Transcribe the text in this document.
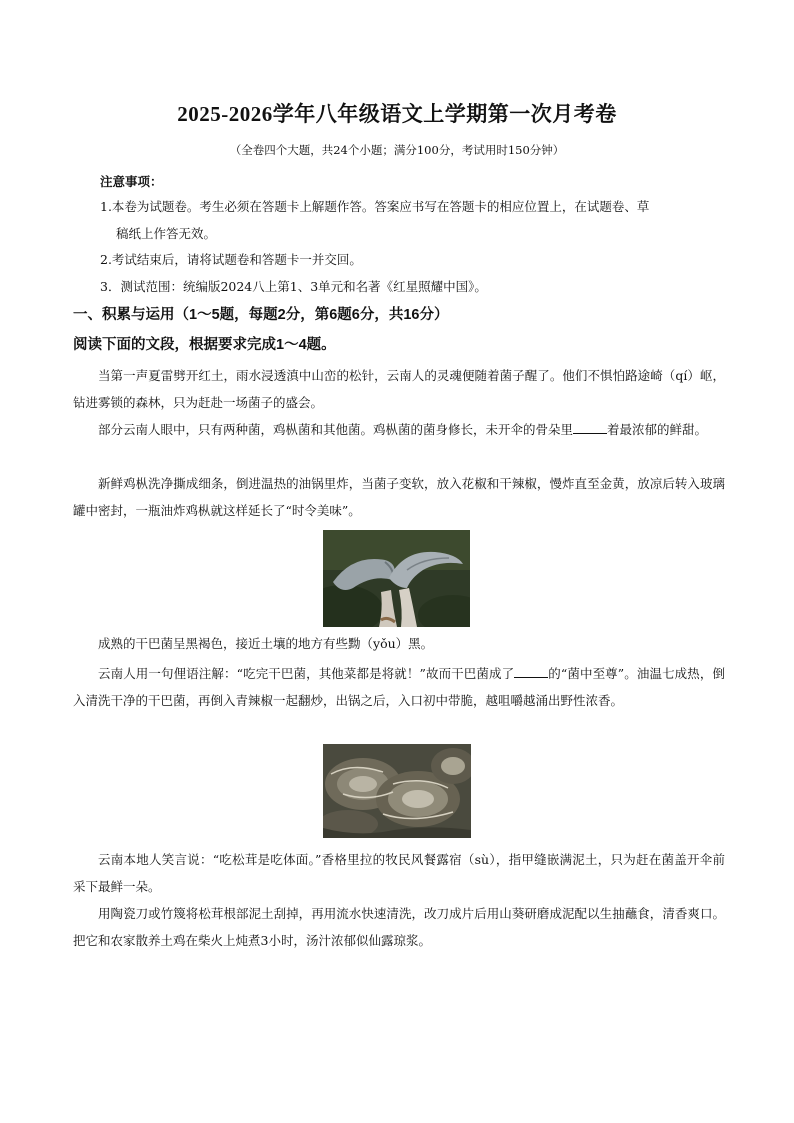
2025-2026学年八年级语文上学期第一次月考卷
（全卷四个大题，共24个小题；满分100分，考试用时150分钟）
注意事项：
1.本卷为试题卷。考生必须在答题卡上解题作答。答案应书写在答题卡的相应位置上，在试题卷、草
稿纸上作答无效。
2.考试结束后，请将试题卷和答题卡一并交回。
3．测试范围：统编版2024八上第1、3单元和名著《红星照耀中国》。
一、积累与运用（1～5题，每题2分，第6题6分，共16分）
阅读下面的文段，根据要求完成1～4题。
当第一声夏雷劈开红土，雨水浸透滇中山峦的松针，云南人的灵魂便随着菌子醒了。他们不惧怕路途崎（qí）岖，钻进雾锁的森林，只为赶赴一场菌子的盛会。
部分云南人眼中，只有两种菌，鸡枞菌和其他菌。鸡枞菌的菌身修长，未开伞的骨朵里	着最浓郁的鲜甜。
新鲜鸡枞洗净撕成细条，倒进温热的油锅里炸，当菌子变软，放入花椒和干辣椒，慢炸直至金黄，放凉后转入玻璃罐中密封，一瓶油炸鸡枞就这样延长了“时令美味”。
成熟的干巴菌呈黑褐色，接近土壤的地方有些黝（yǒu）黑。
云南人用一句俚语注解：“吃完干巴菌，其他菜都是将就！”故而干巴菌成了	的“菌中至尊”。油温七成热，倒入清洗干净的干巴菌，再倒入青辣椒一起翻炒，出锅之后，入口初中带脆，越咀嚼越涌出野性浓香。
云南本地人笑言说：“吃松茸是吃体面。”香格里拉的牧民风餐露宿（sù），指甲缝嵌满泥土，只为赶在菌盖开伞前采下最鲜一朵。
用陶瓷刀或竹篾将松茸根部泥土刮掉，再用流水快速清洗，改刀成片后用山葵研磨成泥配以生抽蘸食，清香爽口。把它和农家散养土鸡在柴火上炖煮3小时，汤汁浓郁似仙露琼浆。
